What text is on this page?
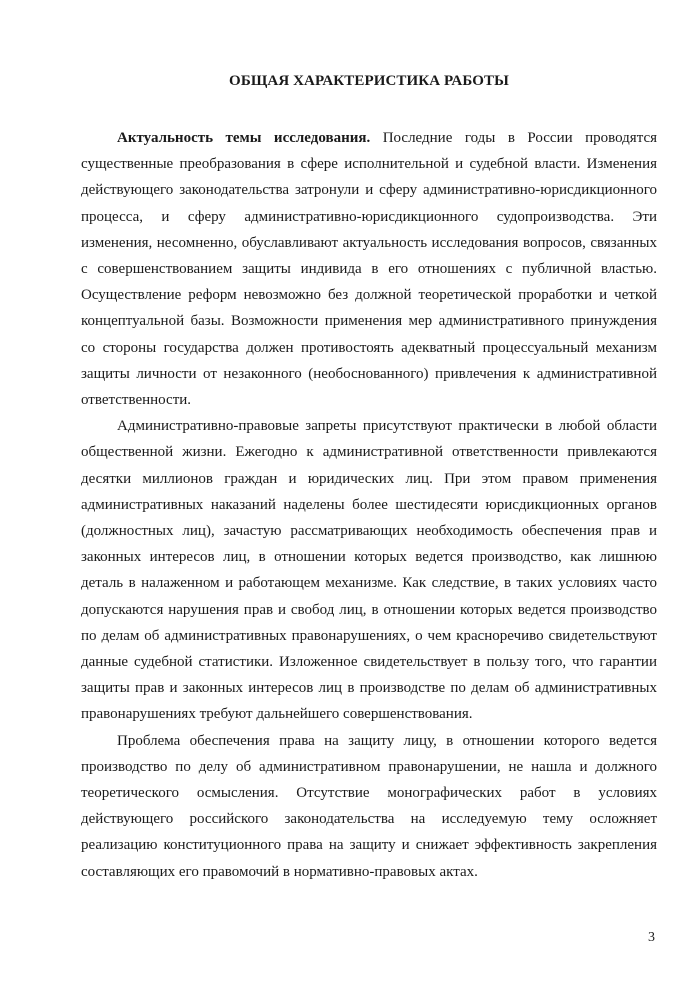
ОБЩАЯ ХАРАКТЕРИСТИКА РАБОТЫ

Актуальность темы исследования. Последние годы в России проводятся существенные преобразования в сфере исполнительной и судебной власти. Изменения действующего законодательства затронули и сферу административно-юрисдикционного процесса, и сферу административно-юрисдикционного судопроизводства. Эти изменения, несомненно, обуславливают актуальность исследования вопросов, связанных с совершенствованием защиты индивида в его отношениях с публичной властью. Осуществление реформ невозможно без должной теоретической проработки и четкой концептуальной базы. Возможности применения мер административного принуждения со стороны государства должен противостоять адекватный процессуальный механизм защиты личности от незаконного (необоснованного) привлечения к административной ответственности.

Административно-правовые запреты присутствуют практически в любой области общественной жизни. Ежегодно к административной ответственности привлекаются десятки миллионов граждан и юридических лиц. При этом правом применения административных наказаний наделены более шестидесяти юрисдикционных органов (должностных лиц), зачастую рассматривающих необходимость обеспечения прав и законных интересов лиц, в отношении которых ведется производство, как лишнюю деталь в налаженном и работающем механизме. Как следствие, в таких условиях часто допускаются нарушения прав и свобод лиц, в отношении которых ведется производство по делам об административных правонарушениях, о чем красноречиво свидетельствуют данные судебной статистики. Изложенное свидетельствует в пользу того, что гарантии защиты прав и законных интересов лиц в производстве по делам об административных правонарушениях требуют дальнейшего совершенствования.

Проблема обеспечения права на защиту лицу, в отношении которого ведется производство по делу об административном правонарушении, не нашла и должного теоретического осмысления. Отсутствие монографических работ в условиях действующего российского законодательства на исследуемую тему осложняет реализацию конституционного права на защиту и снижает эффективность закрепления составляющих его правомочий в нормативно-правовых актах.

3
